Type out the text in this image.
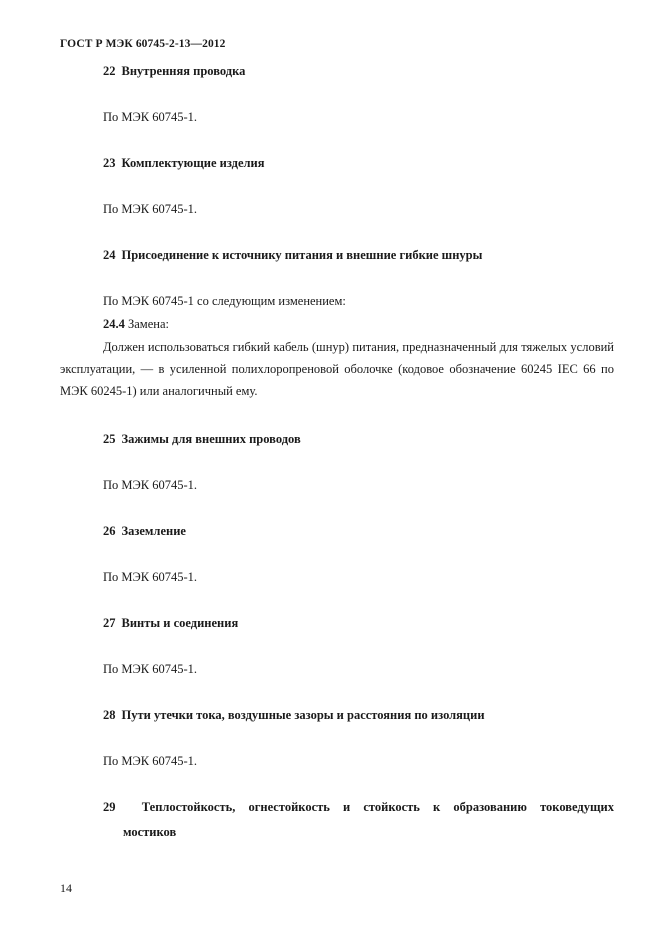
ГОСТ Р МЭК 60745-2-13—2012
22 Внутренняя проводка
По МЭК 60745-1.
23 Комплектующие изделия
По МЭК 60745-1.
24 Присоединение к источнику питания и внешние гибкие шнуры
По МЭК 60745-1 со следующим изменением:
24.4 Замена:
Должен использоваться гибкий кабель (шнур) питания, предназначенный для тяжелых условий эксплуатации, — в усиленной полихлоропреновой оболочке (кодовое обозначение 60245 IEC 66 по МЭК 60245-1) или аналогичный ему.
25 Зажимы для внешних проводов
По МЭК 60745-1.
26 Заземление
По МЭК 60745-1.
27 Винты и соединения
По МЭК 60745-1.
28 Пути утечки тока, воздушные зазоры и расстояния по изоляции
По МЭК 60745-1.
29 Теплостойкость, огнестойкость и стойкость к образованию токоведущих
мостиков
14
